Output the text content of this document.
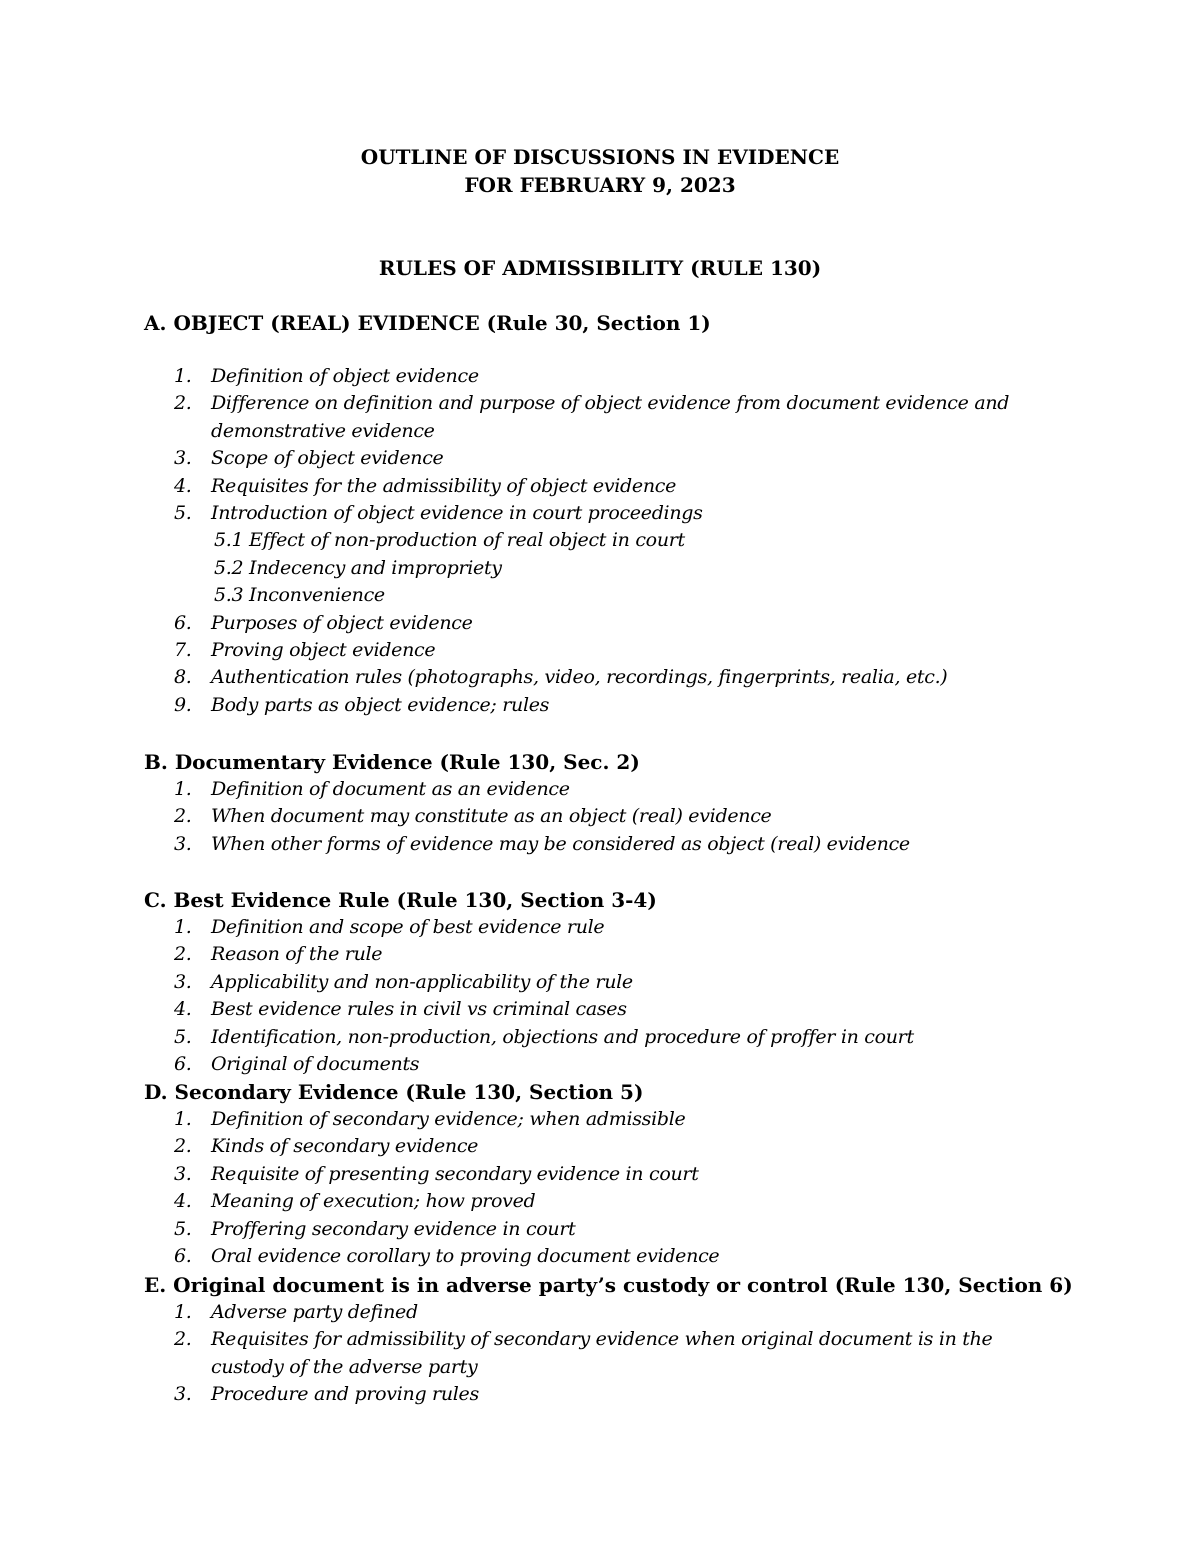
OUTLINE OF DISCUSSIONS IN EVIDENCE
FOR FEBRUARY 9, 2023
RULES OF ADMISSIBILITY (RULE 130)
A. OBJECT (REAL) EVIDENCE (Rule 30, Section 1)
1. Definition of object evidence
2. Difference on definition and purpose of object evidence from document evidence and demonstrative evidence
3. Scope of object evidence
4. Requisites for the admissibility of object evidence
5. Introduction of object evidence in court proceedings
5.1 Effect of non-production of real object in court
5.2 Indecency and impropriety
5.3 Inconvenience
6. Purposes of object evidence
7. Proving object evidence
8. Authentication rules (photographs, video, recordings, fingerprints, realia, etc.)
9. Body parts as object evidence; rules
B. Documentary Evidence (Rule 130, Sec. 2)
1. Definition of document as an evidence
2. When document may constitute as an object (real) evidence
3. When other forms of evidence may be considered as object (real) evidence
C. Best Evidence Rule (Rule 130, Section 3-4)
1. Definition and scope of best evidence rule
2. Reason of the rule
3. Applicability and non-applicability of the rule
4. Best evidence rules in civil vs criminal cases
5. Identification, non-production, objections and procedure of proffer in court
6. Original of documents
D. Secondary Evidence (Rule 130, Section 5)
1. Definition of secondary evidence; when admissible
2. Kinds of secondary evidence
3. Requisite of presenting secondary evidence in court
4. Meaning of execution; how proved
5. Proffering secondary evidence in court
6. Oral evidence corollary to proving document evidence
E. Original document is in adverse party’s custody or control (Rule 130, Section 6)
1. Adverse party defined
2. Requisites for admissibility of secondary evidence when original document is in the custody of the adverse party
3. Procedure and proving rules
